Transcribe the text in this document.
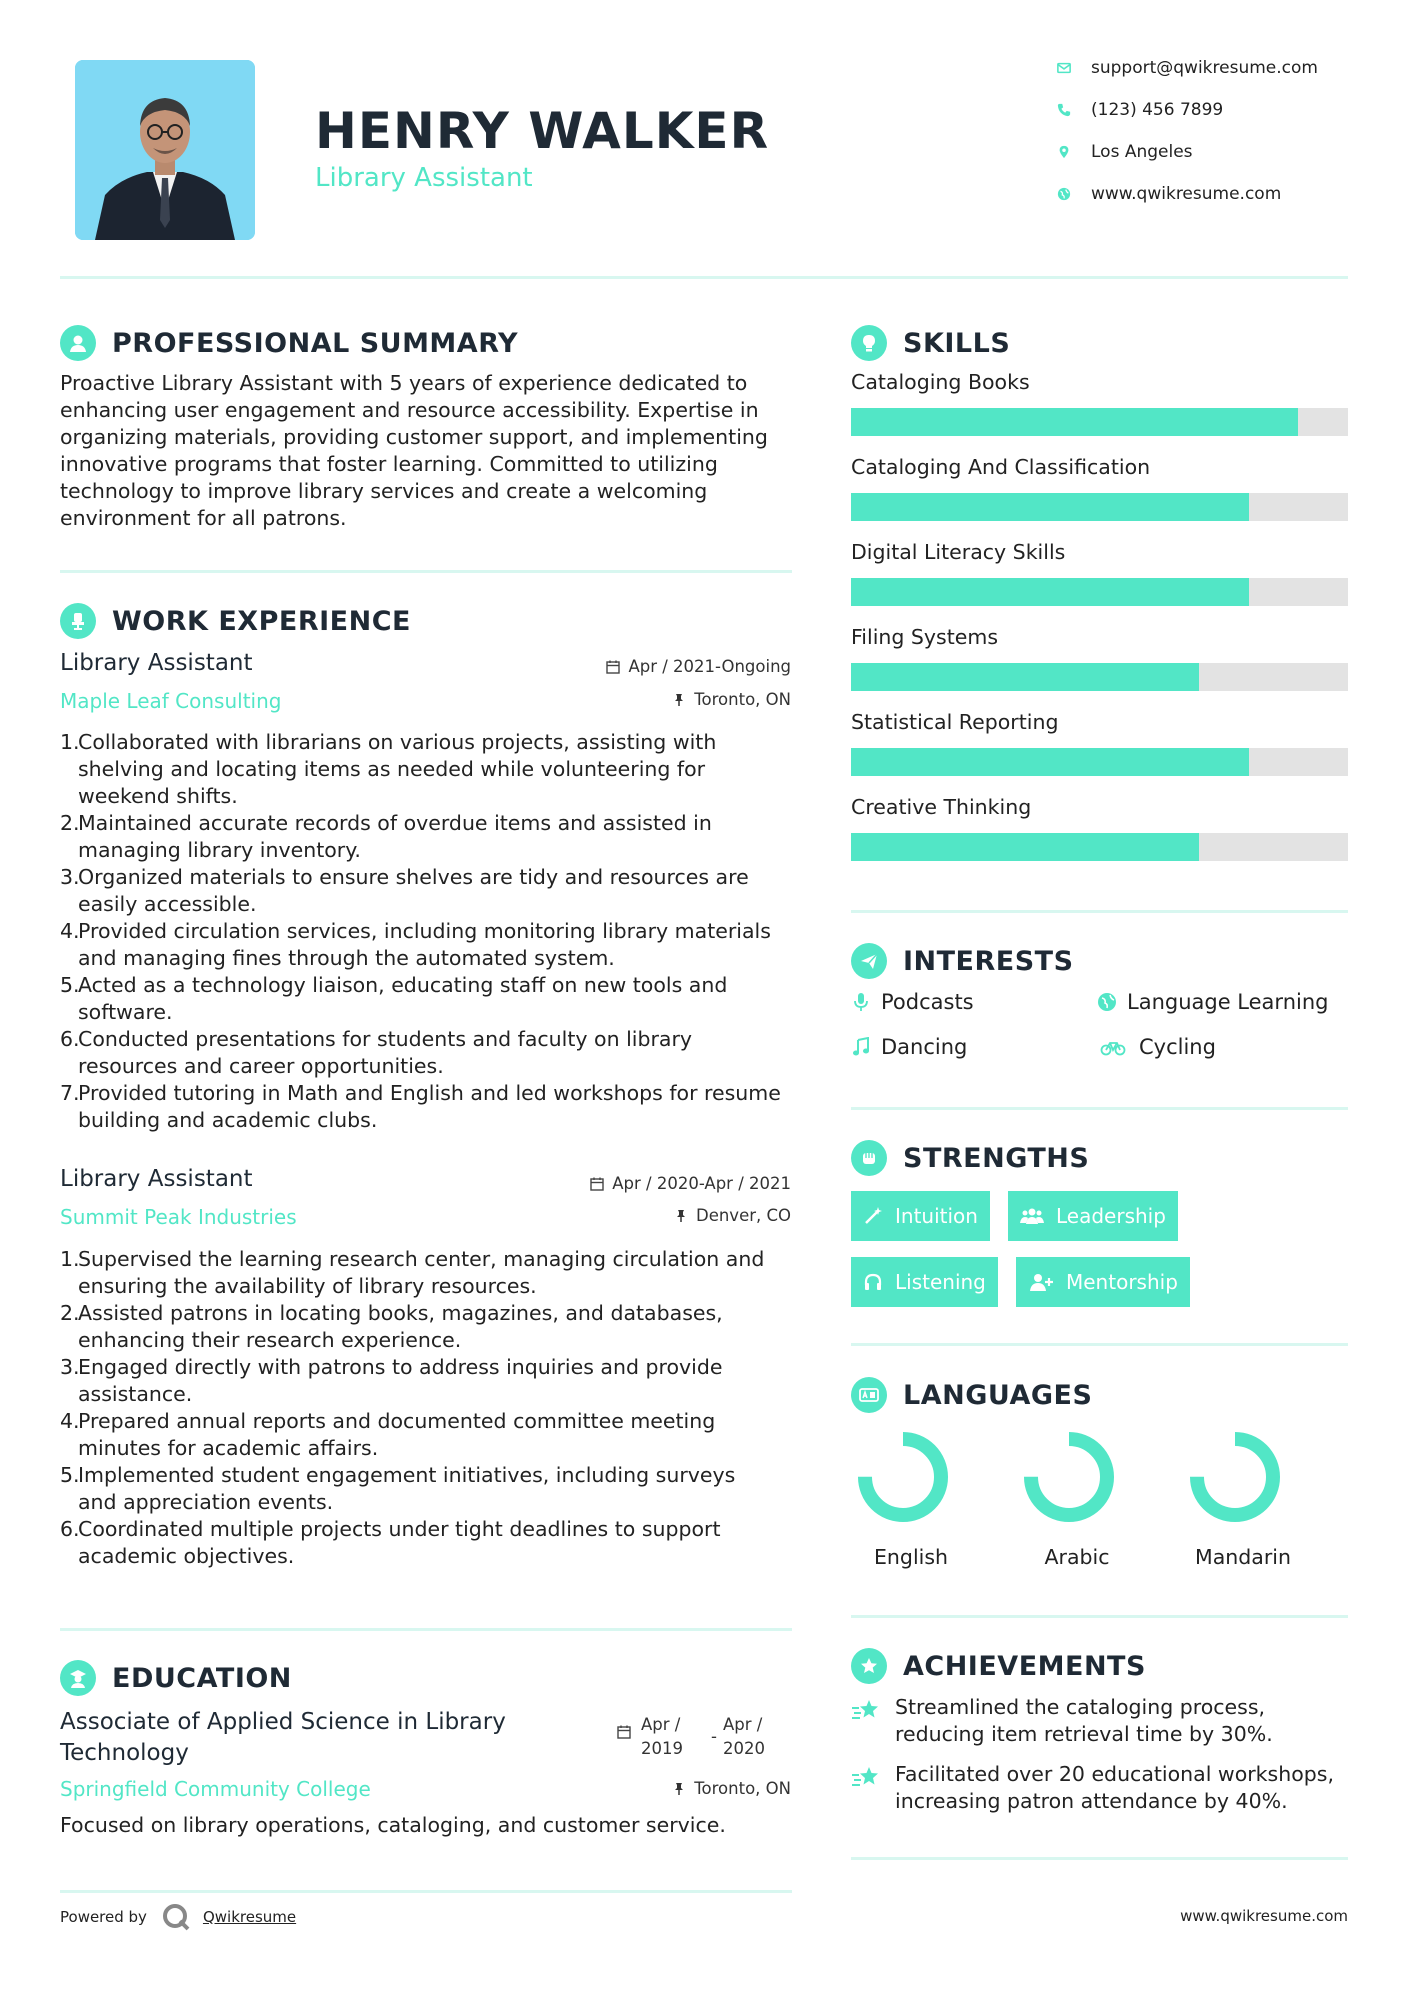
HENRY WALKER
Library Assistant
support@qwikresume.com
(123) 456 7899
Los Angeles
www.qwikresume.com
PROFESSIONAL SUMMARY
Proactive Library Assistant with 5 years of experience dedicated to
enhancing user engagement and resource accessibility. Expertise in
organizing materials, providing customer support, and implementing
innovative programs that foster learning. Committed to utilizing
technology to improve library services and create a welcoming
environment for all patrons.
WORK EXPERIENCE
Library Assistant
Maple Leaf Consulting
Apr / 2021-Ongoing
Toronto, ON
1.
Collaborated with librarians on various projects, assisting with
shelving and locating items as needed while volunteering for
weekend shifts.
2.
Maintained accurate records of overdue items and assisted in
managing library inventory.
3.
Organized materials to ensure shelves are tidy and resources are
easily accessible.
4.
Provided circulation services, including monitoring library materials
and managing fines through the automated system.
5.
Acted as a technology liaison, educating staff on new tools and
software.
6.
Conducted presentations for students and faculty on library
resources and career opportunities.
7.
Provided tutoring in Math and English and led workshops for resume
building and academic clubs.
Library Assistant
Summit Peak Industries
Apr / 2020-Apr / 2021
Denver, CO
1.
Supervised the learning research center, managing circulation and
ensuring the availability of library resources.
2.
Assisted patrons in locating books, magazines, and databases,
enhancing their research experience.
3.
Engaged directly with patrons to address inquiries and provide
assistance.
4.
Prepared annual reports and documented committee meeting
minutes for academic affairs.
5.
Implemented student engagement initiatives, including surveys
and appreciation events.
6.
Coordinated multiple projects under tight deadlines to support
academic objectives.
EDUCATION
Associate of Applied Science in Library
Technology
Springfield Community College
Apr /
2019
-
Apr /
2020
Toronto, ON
Focused on library operations, cataloging, and customer service.
SKILLS
Cataloging Books
Cataloging And Classification
Digital Literacy Skills
Filing Systems
Statistical Reporting
Creative Thinking
INTERESTS
Podcasts	Language Learning
Dancing	Cycling
STRENGTHS
Intuition	Leadership
Listening	Mentorship
LANGUAGES
English	Arabic	Mandarin
ACHIEVEMENTS
Streamlined the cataloging process,
reducing item retrieval time by 30%.
Facilitated over 20 educational workshops,
increasing patron attendance by 40%.
Powered by	Qwikresume	www.qwikresume.com
